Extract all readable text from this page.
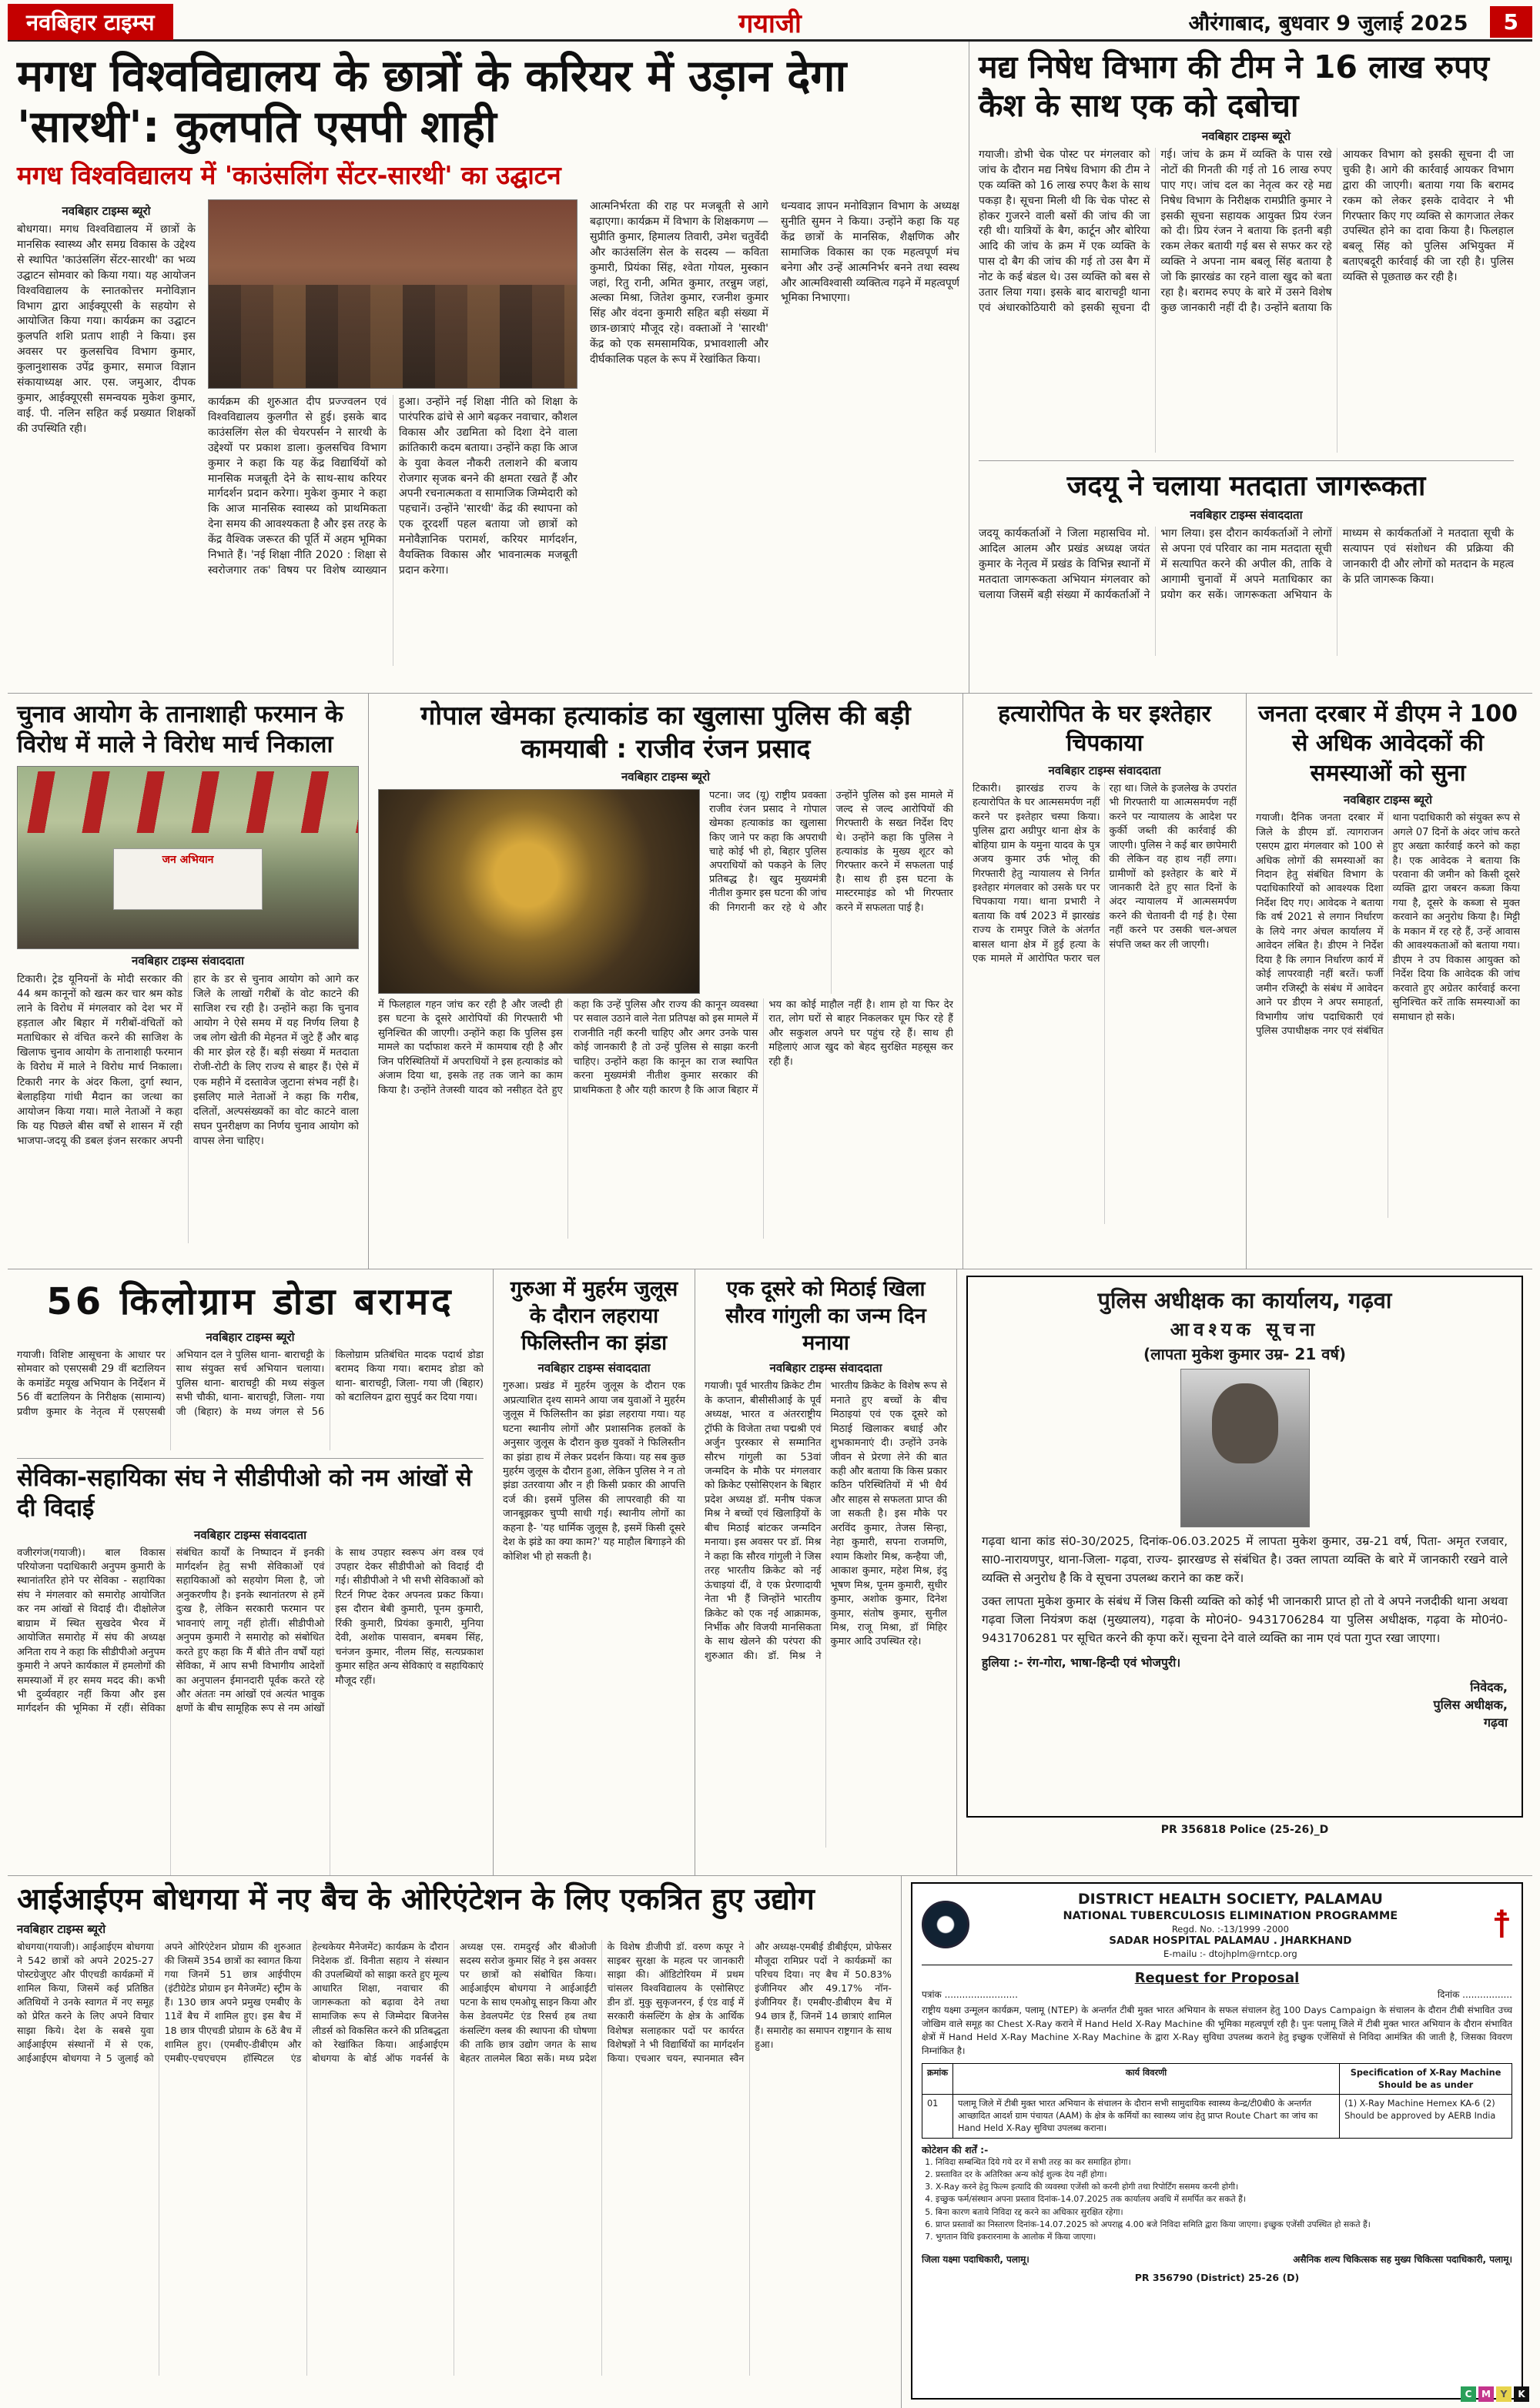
नवबिहार टाइम्स	गयाजी	औरंगाबाद, बुधवार 9 जुलाई 2025	5
मगध विश्वविद्यालय के छात्रों के करियर में उड़ान देगा 'सारथी': कुलपति एसपी शाही
मगध विश्वविद्यालय में 'काउंसलिंग सेंटर-सारथी' का उद्घाटन
नवबिहार टाइम्स ब्यूरो
बोधगया। मगध विश्वविद्यालय में छात्रों के मानसिक स्वास्थ्य और समग्र विकास के उद्देश्य से स्थापित 'काउंसलिंग सेंटर-सारथी' का भव्य उद्घाटन सोमवार को किया गया। यह आयोजन विश्वविद्यालय के स्नातकोत्तर मनोविज्ञान विभाग द्वारा आईक्यूएसी के सहयोग से आयोजित किया गया। कार्यक्रम का उद्घाटन कुलपति शशि प्रताप शाही ने किया। इस अवसर पर कुलसचिव विभाग कुमार, कुलानुशासक उपेंद्र कुमार, समाज विज्ञान संकायाध्यक्ष आर. एस. जमुआर, दीपक कुमार, आईक्यूएसी समन्वयक मुकेश कुमार, वाई. पी. नलिन सहित कई प्रख्यात शिक्षकों की उपस्थिति रही।
कार्यक्रम की शुरुआत दीप प्रज्ज्वलन एवं विश्वविद्यालय कुलगीत से हुई। इसके बाद काउंसलिंग सेल की चेयरपर्सन ने सारथी के उद्देश्यों पर प्रकाश डाला। कुलसचिव विभाग कुमार ने कहा कि यह केंद्र विद्यार्थियों को मानसिक मजबूती देने के साथ-साथ करियर मार्गदर्शन प्रदान करेगा। मुकेश कुमार ने कहा कि आज मानसिक स्वास्थ्य को प्राथमिकता देना समय की आवश्यकता है और इस तरह के केंद्र वैश्विक जरूरत की पूर्ति में अहम भूमिका निभाते हैं। 'नई शिक्षा नीति 2020 : शिक्षा से स्वरोजगार तक' विषय पर विशेष व्याख्यान हुआ। उन्होंने नई शिक्षा नीति को शिक्षा के पारंपरिक ढांचे से आगे बढ़कर नवाचार, कौशल विकास और उद्यमिता को दिशा देने वाला क्रांतिकारी कदम बताया। उन्होंने कहा कि आज के युवा केवल नौकरी तलाशने की बजाय रोजगार सृजक बनने की क्षमता रखते हैं और अपनी रचनात्मकता व सामाजिक जिम्मेदारी को पहचानें। उन्होंने 'सारथी' केंद्र की स्थापना को एक दूरदर्शी पहल बताया जो छात्रों को मनोवैज्ञानिक परामर्श, करियर मार्गदर्शन, वैयक्तिक विकास और भावनात्मक मजबूती प्रदान करेगा।
आत्मनिर्भरता की राह पर मजबूती से आगे बढ़ाएगा। कार्यक्रम में विभाग के शिक्षकगण — सुप्रीति कुमार, हिमालय तिवारी, उमेश चतुर्वेदी और काउंसलिंग सेल के सदस्य — कविता कुमारी, प्रियंका सिंह, श्वेता गोयल, मुस्कान जहां, रितु रानी, अमित कुमार, तरन्नुम जहां, अल्का मिश्रा, जितेश कुमार, रजनीश कुमार सिंह और वंदना कुमारी सहित बड़ी संख्या में छात्र-छात्राएं मौजूद रहे। वक्ताओं ने 'सारथी' केंद्र को एक समसामयिक, प्रभावशाली और दीर्घकालिक पहल के रूप में रेखांकित किया।
धन्यवाद ज्ञापन मनोविज्ञान विभाग के अध्यक्ष सुनीति सुमन ने किया। उन्होंने कहा कि यह केंद्र छात्रों के मानसिक, शैक्षणिक और सामाजिक विकास का एक महत्वपूर्ण मंच बनेगा और उन्हें आत्मनिर्भर बनने तथा स्वस्थ और आत्मविश्वासी व्यक्तित्व गढ़ने में महत्वपूर्ण भूमिका निभाएगा।
मद्य निषेध विभाग की टीम ने 16 लाख रुपए कैश के साथ एक को दबोचा
नवबिहार टाइम्स ब्यूरो
गयाजी। डोभी चेक पोस्ट पर मंगलवार को जांच के दौरान मद्य निषेध विभाग की टीम ने एक व्यक्ति को 16 लाख रुपए कैश के साथ पकड़ा है। सूचना मिली थी कि चेक पोस्ट से होकर गुजरने वाली बसों की जांच की जा रही थी। यात्रियों के बैग, कार्टून और बोरिया आदि की जांच के क्रम में एक व्यक्ति के पास दो बैग की जांच की गई तो उस बैग में नोट के कई बंडल थे। उस व्यक्ति को बस से उतार लिया गया। इसके बाद बाराचट्टी थाना एवं अंधारकोठियारी को इसकी सूचना दी गई। जांच के क्रम में व्यक्ति के पास रखे नोटों की गिनती की गई तो 16 लाख रुपए पाए गए। जांच दल का नेतृत्व कर रहे मद्य निषेध विभाग के निरीक्षक रामप्रीति कुमार ने इसकी सूचना सहायक आयुक्त प्रिय रंजन को दी। प्रिय रंजन ने बताया कि इतनी बड़ी रकम लेकर बतायी गई बस से सफर कर रहे व्यक्ति ने अपना नाम बबलू सिंह बताया है जो कि झारखंड का रहने वाला खुद को बता रहा है। बरामद रुपए के बारे में उसने विशेष कुछ जानकारी नहीं दी है। उन्होंने बताया कि आयकर विभाग को इसकी सूचना दी जा चुकी है। आगे की कार्रवाई आयकर विभाग द्वारा की जाएगी। बताया गया कि बरामद रकम को लेकर इसके दावेदार ने भी गिरफ्तार किए गए व्यक्ति से कागजात लेकर उपस्थित होने का दावा किया है। फिलहाल बबलू सिंह को पुलिस अभियुक्त में बताएबदूरी कार्रवाई की जा रही है। पुलिस व्यक्ति से पूछताछ कर रही है।
जदयू ने चलाया मतदाता जागरूकता
नवबिहार टाइम्स संवाददाता
जदयू कार्यकर्ताओं ने जिला महासचिव मो. आदिल आलम और प्रखंड अध्यक्ष जयंत कुमार के नेतृत्व में प्रखंड के विभिन्न स्थानों में मतदाता जागरूकता अभियान मंगलवार को चलाया जिसमें बड़ी संख्या में कार्यकर्ताओं ने भाग लिया। इस दौरान कार्यकर्ताओं ने लोगों से अपना एवं परिवार का नाम मतदाता सूची में सत्यापित करने की अपील की, ताकि वे आगामी चुनावों में अपने मताधिकार का प्रयोग कर सकें। जागरूकता अभियान के माध्यम से कार्यकर्ताओं ने मतदाता सूची के सत्यापन एवं संशोधन की प्रक्रिया की जानकारी दी और लोगों को मतदान के महत्व के प्रति जागरूक किया।
चुनाव आयोग के तानाशाही फरमान के विरोध में माले ने विरोध मार्च निकाला
जन अभियान
नवबिहार टाइम्स संवाददाता
टिकारी। ट्रेड यूनियनों के मोदी सरकार की 44 श्रम कानूनों को खत्म कर चार श्रम कोड लाने के विरोध में मंगलवार को देश भर में हड़ताल और बिहार में गरीबों-वंचितों को मताधिकार से वंचित करने की साजिश के खिलाफ चुनाव आयोग के तानाशाही फरमान के विरोध में माले ने विरोध मार्च निकाला। टिकारी नगर के अंदर किला, दुर्गा स्थान, बेलाहड़िया गांधी मैदान का जत्था का आयोजन किया गया। माले नेताओं ने कहा कि यह पिछले बीस वर्षों से शासन में रही भाजपा-जदयू की डबल इंजन सरकार अपनी हार के डर से चुनाव आयोग को आगे कर जिले के लाखों गरीबों के वोट काटने की साजिश रच रही है। उन्होंने कहा कि चुनाव आयोग ने ऐसे समय में यह निर्णय लिया है जब लोग खेती की मेहनत में जुटे हैं और बाढ़ की मार झेल रहे हैं। बड़ी संख्या में मतदाता रोजी-रोटी के लिए राज्य से बाहर हैं। ऐसे में एक महीने में दस्तावेज जुटाना संभव नहीं है। इसलिए माले नेताओं ने कहा कि गरीब, दलितों, अल्पसंख्यकों का वोट काटने वाला सघन पुनरीक्षण का निर्णय चुनाव आयोग को वापस लेना चाहिए।
गोपाल खेमका हत्याकांड का खुलासा पुलिस की बड़ी कामयाबी : राजीव रंजन प्रसाद
नवबिहार टाइम्स ब्यूरो
पटना। जद (यू) राष्ट्रीय प्रवक्ता राजीव रंजन प्रसाद ने गोपाल खेमका हत्याकांड का खुलासा किए जाने पर कहा कि अपराधी चाहे कोई भी हो, बिहार पुलिस अपराधियों को पकड़ने के लिए प्रतिबद्ध है। खुद मुख्यमंत्री नीतीश कुमार इस घटना की जांच की निगरानी कर रहे थे और उन्होंने पुलिस को इस मामले में जल्द से जल्द आरोपियों की गिरफ्तारी के सख्त निर्देश दिए थे। उन्होंने कहा कि पुलिस ने हत्याकांड के मुख्य शूटर को गिरफ्तार करने में सफलता पाई है। साथ ही इस घटना के मास्टरमाइंड को भी गिरफ्तार करने में सफलता पाई है।
में फिलहाल गहन जांच कर रही है और जल्दी ही इस घटना के दूसरे आरोपियों की गिरफ्तारी भी सुनिश्चित की जाएगी। उन्होंने कहा कि पुलिस इस मामले का पर्दाफाश करने में कामयाब रही है और जिन परिस्थितियों में अपराधियों ने इस हत्याकांड को अंजाम दिया था, इसके तह तक जाने का काम किया है। उन्होंने तेजस्वी यादव को नसीहत देते हुए कहा कि उन्हें पुलिस और राज्य की कानून व्यवस्था पर सवाल उठाने वाले नेता प्रतिपक्ष को इस मामले में राजनीति नहीं करनी चाहिए और अगर उनके पास कोई जानकारी है तो उन्हें पुलिस से साझा करनी चाहिए। उन्होंने कहा कि कानून का राज स्थापित करना मुख्यमंत्री नीतीश कुमार सरकार की प्राथमिकता है और यही कारण है कि आज बिहार में भय का कोई माहौल नहीं है। शाम हो या फिर देर रात, लोग घरों से बाहर निकलकर घूम फिर रहे हैं और सकुशल अपने घर पहुंच रहे हैं। साथ ही महिलाएं आज खुद को बेहद सुरक्षित महसूस कर रही हैं।
हत्यारोपित के घर इश्तेहार चिपकाया
नवबिहार टाइम्स संवाददाता
टिकारी। झारखंड राज्य के हत्यारोपित के घर आत्मसमर्पण नहीं करने पर इश्तेहार चस्पा किया। पुलिस द्वारा अग्रीपुर थाना क्षेत्र के बोहिया ग्राम के यमुना यादव के पुत्र अजय कुमार उर्फ भोलू की गिरफ्तारी हेतु न्यायालय से निर्गत इश्तेहार मंगलवार को उसके घर पर चिपकाया गया। थाना प्रभारी ने बताया कि वर्ष 2023 में झारखंड राज्य के रामपुर जिले के अंतर्गत बासल थाना क्षेत्र में हुई हत्या के एक मामले में आरोपित फरार चल रहा था। जिले के इजलेख के उपरांत भी गिरफ्तारी या आत्मसमर्पण नहीं करने पर न्यायालय के आदेश पर कुर्की जब्ती की कार्रवाई की जाएगी। पुलिस ने कई बार छापेमारी की लेकिन वह हाथ नहीं लगा। ग्रामीणों को इश्तेहार के बारे में जानकारी देते हुए सात दिनों के अंदर न्यायालय में आत्मसमर्पण करने की चेतावनी दी गई है। ऐसा नहीं करने पर उसकी चल-अचल संपत्ति जब्त कर ली जाएगी।
जनता दरबार में डीएम ने 100 से अधिक आवेदकों की समस्याओं को सुना
नवबिहार टाइम्स ब्यूरो
गयाजी। दैनिक जनता दरबार में जिले के डीएम डॉ. त्यागराजन एसएम द्वारा मंगलवार को 100 से अधिक लोगों की समस्याओं का निदान हेतु संबंधित विभाग के पदाधिकारियों को आवश्यक दिशा निर्देश दिए गए। आवेदक ने बताया कि वर्ष 2021 से लगान निर्धारण के लिये नगर अंचल कार्यालय में आवेदन लंबित है। डीएम ने निर्देश दिया है कि लगान निर्धारण कार्य में कोई लापरवाही नहीं बरतें। फर्जी जमीन रजिस्ट्री के संबंध में आवेदन आने पर डीएम ने अपर समाहर्ता, विभागीय जांच पदाधिकारी एवं पुलिस उपाधीक्षक नगर एवं संबंधित थाना पदाधिकारी को संयुक्त रूप से अगले 07 दिनों के अंदर जांच करते हुए अख्ता कार्रवाई करने को कहा है। एक आवेदक ने बताया कि परवाना की जमीन को किसी दूसरे व्यक्ति द्वारा जबरन कब्जा किया गया है, दूसरे के कब्जा से मुक्त करवाने का अनुरोध किया है। मिट्टी के मकान में रह रहे हैं, उन्हें आवास की आवश्यकताओं को बताया गया। डीएम ने उप विकास आयुक्त को निर्देश दिया कि आवेदक की जांच करवाते हुए अग्रेतर कार्रवाई करना सुनिश्चित करें ताकि समस्याओं का समाधान हो सके।
56 किलोग्राम डोडा बरामद
नवबिहार टाइम्स ब्यूरो
गयाजी। विशिष्ट आसूचना के आधार पर सोमवार को एसएसबी 29 वीं बटालियन के कमांडेंट मयूख अभियान के निर्देशन में 56 वीं बटालियन के निरीक्षक (सामान्य) प्रवीण कुमार के नेतृत्व में एसएसबी अभियान दल ने पुलिस थाना- बाराचट्टी के साथ संयुक्त सर्च अभियान चलाया। पुलिस थाना- बाराचट्टी की मध्य संकुल सभी चौकी, थाना- बाराचट्टी, जिला- गया जी (बिहार) के मध्य जंगल से 56 किलोग्राम प्रतिबंधित मादक पदार्थ डोडा बरामद किया गया। बरामद डोडा को थाना- बाराचट्टी, जिला- गया जी (बिहार) को बटालियन द्वारा सुपुर्द कर दिया गया।
सेविका-सहायिका संघ ने सीडीपीओ को नम आंखों से दी विदाई
नवबिहार टाइम्स संवाददाता
वजीरगंज(गयाजी)। बाल विकास परियोजना पदाधिकारी अनुपम कुमारी के स्थानांतरित होने पर सेविका - सहायिका संघ ने मंगलवार को समारोह आयोजित कर नम आंखों से विदाई दी। दीक्षोलेज बाग्राम में स्थित सुखदेव भैरव में आयोजित समारोह में संघ की अध्यक्ष अनिता राय ने कहा कि सीडीपीओ अनुपम कुमारी ने अपने कार्यकाल में हमलोगों की समस्याओं में हर समय मदद की। कभी भी दुर्व्यवहार नहीं किया और इस मार्गदर्शन की भूमिका में रहीं। सेविका संबंधित कार्यों के निष्पादन में इनकी मार्गदर्शन हेतु सभी सेविकाओं एवं सहायिकाओं को सहयोग मिला है, जो अनुकरणीय है। इनके स्थानांतरण से हमें दुःख है, लेकिन सरकारी फरमान पर भावनाएं लागू नहीं होतीं। सीडीपीओ अनुपम कुमारी ने समारोह को संबोधित करते हुए कहा कि मैं बीते तीन वर्षों यहां सेविका, में आप सभी विभागीय आदेशों का अनुपालन ईमानदारी पूर्वक करते रहे और अंततः नम आंखों एवं अत्यंत भावुक क्षणों के बीच सामूहिक रूप से नम आंखों के साथ उपहार स्वरूप अंग वस्त्र एवं उपहार देकर सीडीपीओ को विदाई दी गई। सीडीपीओ ने भी सभी सेविकाओं को रिटर्न गिफ्ट देकर अपनत्व प्रकट किया। इस दौरान बेबी कुमारी, पूनम कुमारी, रिंकी कुमारी, प्रियंका कुमारी, मुनिया देवी, अशोक पासवान, बमबम सिंह, चनंजन कुमार, नीलम सिंह, सत्यप्रकाश कुमार सहित अन्य सेविकाएं व सहायिकाएं मौजूद रहीं।
गुरुआ में मुहर्रम जुलूस के दौरान लहराया फिलिस्तीन का झंडा
नवबिहार टाइम्स संवाददाता
गुरुआ। प्रखंड में मुहर्रम जुलूस के दौरान एक अप्रत्याशित दृश्य सामने आया जब युवाओं ने मुहर्रम जुलूस में फिलिस्तीन का झंडा लहराया गया। यह घटना स्थानीय लोगों और प्रशासनिक हलकों के अनुसार जुलूस के दौरान कुछ युवकों ने फिलिस्तीन का झंडा हाथ में लेकर प्रदर्शन किया। यह सब कुछ मुहर्रम जुलूस के दौरान हुआ, लेकिन पुलिस ने न तो झंडा उतरवाया और न ही किसी प्रकार की आपत्ति दर्ज की। इसमें पुलिस की लापरवाही की या जानबूझकर चुप्पी साधी गई। स्थानीय लोगों का कहना है- 'यह धार्मिक जुलूस है, इसमें किसी दूसरे देश के झंडे का क्या काम?' यह माहौल बिगाड़ने की कोशिश भी हो सकती है।
एक दूसरे को मिठाई खिला सौरव गांगुली का जन्म दिन मनाया
नवबिहार टाइम्स संवाददाता
गयाजी। पूर्व भारतीय क्रिकेट टीम के कप्तान, बीसीसीआई के पूर्व अध्यक्ष, भारत व अंतरराष्ट्रीय ट्रॉफी के विजेता तथा पद्मश्री एवं अर्जुन पुरस्कार से सम्मानित सौरभ गांगुली का 53वां जन्मदिन के मौके पर मंगलवार को क्रिकेट एसोसिएशन के बिहार प्रदेश अध्यक्ष डॉ. मनीष पंकज मिश्र ने बच्चों एवं खिलाड़ियों के बीच मिठाई बांटकर जन्मदिन मनाया। इस अवसर पर डॉ. मिश्र ने कहा कि सौरव गांगुली ने जिस तरह भारतीय क्रिकेट को नई ऊंचाइयां दीं, वे एक प्रेरणादायी नेता भी हैं जिन्होंने भारतीय क्रिकेट को एक नई आक्रामक, निर्भीक और विजयी मानसिकता के साथ खेलने की परंपरा की शुरुआत की। डॉ. मिश्र ने भारतीय क्रिकेट के विशेष रूप से मनाते हुए बच्चों के बीच मिठाइयां एवं एक दूसरे को मिठाई खिलाकर बधाई और शुभकामनाएं दी। उन्होंने उनके जीवन से प्रेरणा लेने की बात कही और बताया कि किस प्रकार कठिन परिस्थितियों में भी धैर्य और साहस से सफलता प्राप्त की जा सकती है। इस मौके पर अरविंद कुमार, तेजस सिन्हा, नेहा कुमारी, सपना राजमणि, श्याम किशोर मिश्र, कन्हैया जी, आकाश कुमार, महेश मिश्र, इंदु भूषण मिश्र, पूनम कुमारी, सुधीर कुमार, अशोक कुमार, दिनेश कुमार, संतोष कुमार, सुनील मिश्र, राजू मिश्रा, डॉ मिहिर कुमार आदि उपस्थित रहे।
पुलिस अधीक्षक का कार्यालय, गढ़वा
आवश्यक सूचना
(लापता मुकेश कुमार उम्र- 21 वर्ष)
गढ़वा थाना कांड सं0-30/2025, दिनांक-06.03.2025 में लापता मुकेश कुमार, उम्र-21 वर्ष, पिता- अमृत रजवार, सा0-नारायणपुर, थाना-जिला- गढ़वा, राज्य- झारखण्ड से संबंधित है। उक्त लापता व्यक्ति के बारे में जानकारी रखने वाले व्यक्ति से अनुरोध है कि वे सूचना उपलब्ध कराने का कष्ट करें।
उक्त लापता मुकेश कुमार के संबंध में जिस किसी व्यक्ति को कोई भी जानकारी प्राप्त हो तो वे अपने नजदीकी थाना अथवा गढ़वा जिला नियंत्रण कक्ष (मुख्यालय), गढ़वा के मो0नं0- 9431706284 या पुलिस अधीक्षक, गढ़वा के मो0नं0- 9431706281 पर सूचित करने की कृपा करें। सूचना देने वाले व्यक्ति का नाम एवं पता गुप्त रखा जाएगा।
हुलिया :- रंग-गोरा, भाषा-हिन्दी एवं भोजपुरी।
निवेदक,
पुलिस अधीक्षक,
गढ़वा
PR 356818 Police (25-26)_D
आईआईएम बोधगया में नए बैच के ओरिएंटेशन के लिए एकत्रित हुए उद्योग
नवबिहार टाइम्स ब्यूरो
बोधगया(गयाजी)। आईआईएम बोधगया ने 542 छात्रों को अपने 2025-27 पोस्टग्रेजुएट और पीएचडी कार्यक्रमों में शामिल किया, जिसमें कई प्रतिष्ठित अतिथियों ने उनके स्वागत में नए समूह को प्रेरित करने के लिए अपने विचार साझा किये। देश के सबसे युवा आईआईएम संस्थानों में से एक, आईआईएम बोधगया ने 5 जुलाई को अपने ओरिएंटेशन प्रोग्राम की शुरुआत की जिसमें 354 छात्रों का स्वागत किया गया जिनमें 51 छात्र आईपीएम (इंटीग्रेटेड प्रोग्राम इन मैनेजमेंट) स्ट्रीम के हैं। 130 छात्र अपने प्रमुख एमबीए के 11वें बैच में शामिल हुए। इस बैच में 18 छात्र पीएचडी प्रोग्राम के 6ठें बैच में शामिल हुए। (एमबीए-डीबीएम और एमबीए-एचएचएम हॉस्पिटल एंड हेल्थकेयर मैनेजमेंट) कार्यक्रम के दौरान निदेशक डॉ. विनीता सहाय ने संस्थान की उपलब्धियों को साझा करते हुए मूल्य आधारित शिक्षा, नवाचार की जागरूकता को बढ़ावा देने तथा सामाजिक रूप से जिम्मेदार बिजनेस लीडर्स को विकसित करने की प्रतिबद्धता को रेखांकित किया। आईआईएम बोधगया के बोर्ड ऑफ गवर्नर्स के अध्यक्ष एस. रामदुरई और बीओजी सदस्य सरोज कुमार सिंह ने इस अवसर पर छात्रों को संबोधित किया। आईआईएम बोधगया ने आईआईटी पटना के साथ एमओयू साइन किया और केस डेवलपमेंट एंड रिसर्च हब तथा कंसल्टिंग क्लब की स्थापना की घोषणा की ताकि छात्र उद्योग जगत के साथ बेहतर तालमेल बिठा सकें। मध्य प्रदेश के विशेष डीजीपी डॉ. वरुण कपूर ने साइबर सुरक्षा के महत्व पर जानकारी साझा की। ऑडिटोरियम में प्रथम चांसलर विश्वविद्यालय के एसोसिएट डीन डॉ. मुकु सुकृजनरन, ई एंड वाई में सरकारी कंसल्टिंग के क्षेत्र के आर्थिक विशेषज्ञ सलाहकार पदों पर कार्यरत विशेषज्ञों ने भी विद्यार्थियों का मार्गदर्शन किया। एचआर चयन, स्पानमात स्वैन और अध्यक्ष-एमबीई डीबीईएम, प्रोफेसर मौजूदा रामिप्रर पदों ने कार्यक्रमों का परिचय दिया। नए बैच में 50.83% इंजीनियर और 49.17% नॉन-इंजीनियर हैं। एमबीए-डीबीएम बैच में 94 छात्र हैं, जिनमें 14 छात्राएं शामिल हैं। समारोह का समापन राष्ट्रगान के साथ हुआ।
DISTRICT HEALTH SOCIETY, PALAMAU
NATIONAL TUBERCULOSIS ELIMINATION PROGRAMME
Regd. No. :-13/1999 -2000
SADAR HOSPITAL PALAMAU . JHARKHAND
E-mailu :- dtojhplm@rntcp.org
☨
Request for Proposal
पत्रांक .........................	दिनांक .................
राष्ट्रीय यक्ष्मा उन्मूलन कार्यक्रम, पलामू (NTEP) के अन्तर्गत टीबी मुक्त भारत अभियान के सफल संचालन हेतु 100 Days Campaign के संचालन के दौरान टीबी संभावित उच्च जोखिम वाले समूह का Chest X-Ray कराने में Hand Held X-Ray Machine की भूमिका महत्वपूर्ण रही है। पुनः पलामू जिले में टीबी मुक्त भारत अभियान के दौरान संभावित क्षेत्रों में Hand Held X-Ray Machine X-Ray Machine के द्वारा X-Ray सुविधा उपलब्ध कराने हेतु इच्छुक एजेंसियों से निविदा आमंत्रित की जाती है, जिसका विवरण निम्नांकित है।
क्रमांक	कार्य विवरणी	Specification of X-Ray Machine Should be as under
01	पलामू जिले में टीबी मुक्त भारत अभियान के संचालन के दौरान सभी सामुदायिक स्वास्थ्य केन्द्र/टी0बी0 के अन्तर्गत आच्छादित आदर्श ग्राम पंचायत (AAM) के क्षेत्र के कर्मियों का स्वास्थ्य जांच हेतु प्राप्त Route Chart का जांच का Hand Held X-Ray सुविधा उपलब्ध कराना।	(1) X-Ray Machine Hemex KA-6 (2) Should be approved by AERB India
कोटेशन की शर्तें :-
1. निविदा सम्बन्धित दिये गये दर में सभी तरह का कर समाहित होगा।
2. प्रस्तावित दर के अतिरिक्त अन्य कोई शुल्क देय नहीं होगा।
3. X-Ray करने हेतु फिल्म इत्यादि की व्यवस्था एजेंसी को करनी होगी तथा रिपोर्टिंग ससमय करनी होगी।
4. इच्छुक फर्म/संस्थान अपना प्रस्ताव दिनांक-14.07.2025 तक कार्यालय अवधि में समर्पित कर सकते हैं।
5. बिना कारण बताये निविदा रद्द करने का अधिकार सुरक्षित रहेगा।
6. प्राप्त प्रस्तावों का निस्तारण दिनांक-14.07.2025 को अपराह्न 4.00 बजे निविदा समिति द्वारा किया जाएगा। इच्छुक एजेंसी उपस्थित हो सकते हैं।
7. भुगतान विधि इकरारनामा के आलोक में किया जाएगा।
जिला यक्ष्मा पदाधिकारी, पलामू।	असैनिक शल्य चिकित्सक सह मुख्य चिकित्सा पदाधिकारी, पलामू।
PR 356790 (District) 25-26 (D)
C	M	Y	K
